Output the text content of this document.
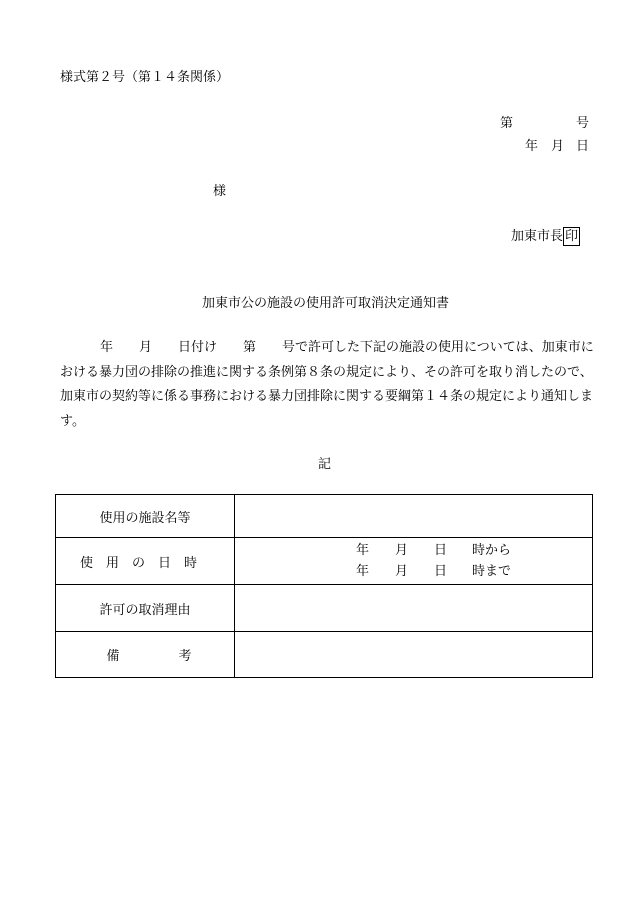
様式第２号（第１４条関係）
第	号
年 月 日
様
加東市長 印
加東市公の施設の使用許可取消決定通知書
年　　月　　日付け　　第　　号で許可した下記の施設の使用については、加東市に
おける暴力団の排除の推進に関する条例第８条の規定により、その許可を取り消したので、
加東市の契約等に係る事務における暴力団排除に関する要綱第１４条の規定により通知しま
す。
記
使用の施設名等	
使用の日時	年 月 日 時から
年 月 日 時まで

許可の取消理由	
備 考	
